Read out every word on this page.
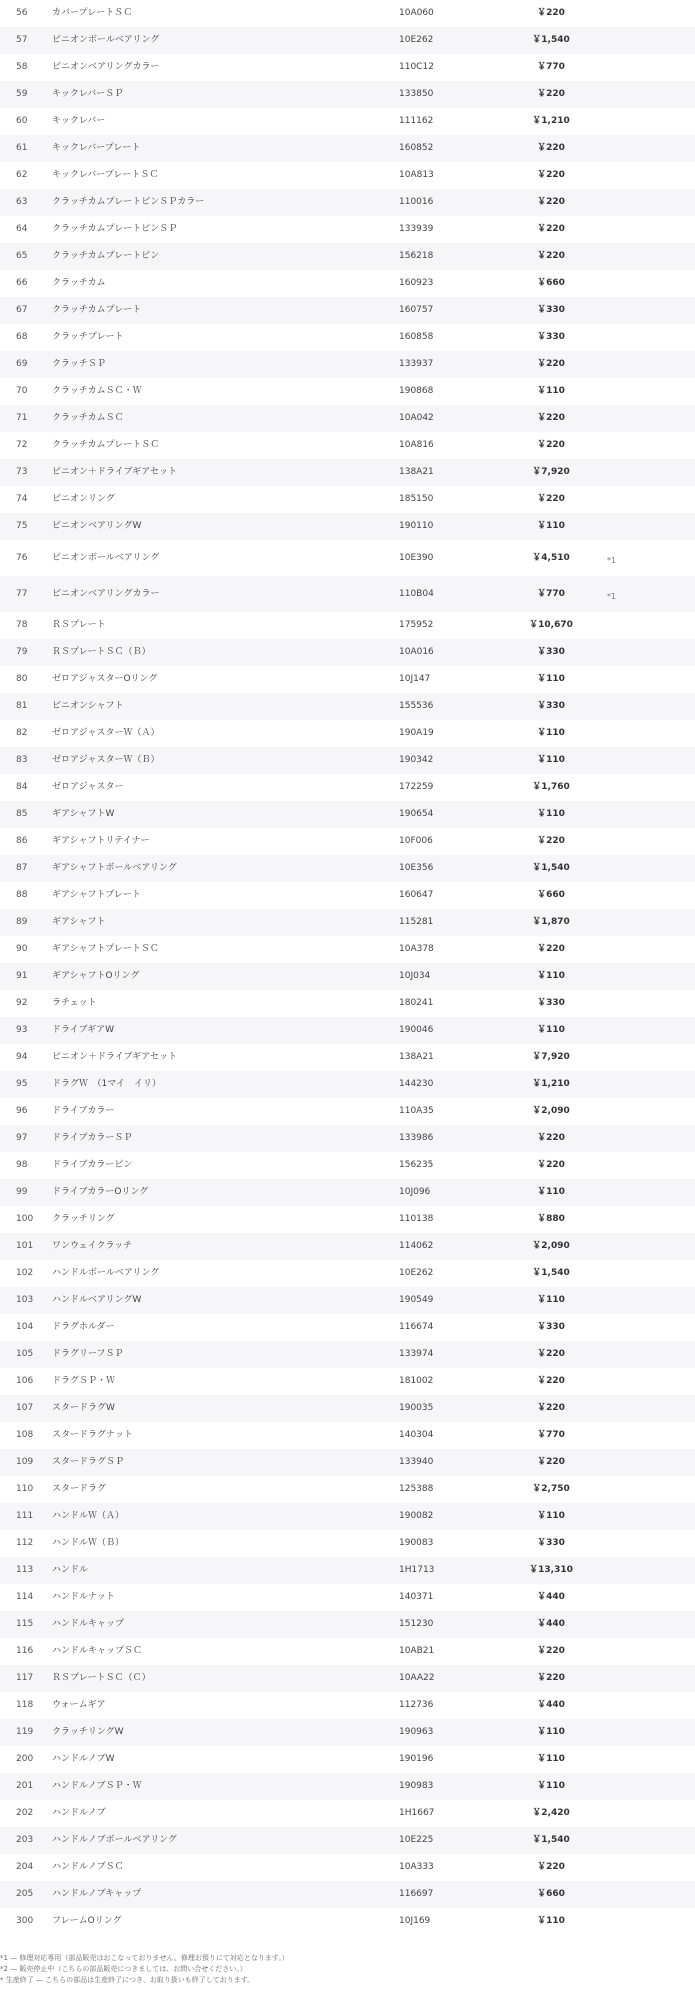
56	カバープレートＳＣ	10A060	￥220	
57	ピニオンボールベアリング	10E262	￥1,540	
58	ピニオンベアリングカラー	110C12	￥770	
59	キックレバーＳＰ	133850	￥220	
60	キックレバー	111162	￥1,210	
61	キックレバープレート	160852	￥220	
62	キックレバープレートＳＣ	10A813	￥220	
63	クラッチカムプレートピンＳＰカラー	110016	￥220	
64	クラッチカムプレートピンＳＰ	133939	￥220	
65	クラッチカムプレートピン	156218	￥220	
66	クラッチカム	160923	￥660	
67	クラッチカムプレート	160757	￥330	
68	クラッチプレート	160858	￥330	
69	クラッチＳＰ	133937	￥220	
70	クラッチカムＳＣ・Ｗ	190868	￥110	
71	クラッチカムＳＣ	10A042	￥220	
72	クラッチカムプレートＳＣ	10A816	￥220	
73	ピニオン＋ドライブギアセット	138A21	￥7,920	
74	ピニオンリング	185150	￥220	
75	ピニオンベアリングW	190110	￥110	
76	ピニオンボールベアリング	10E390	￥4,510	*1
77	ピニオンベアリングカラー	110B04	￥770	*1
78	ＲＳプレート	175952	￥10,670	
79	ＲＳプレートＳＣ（Ｂ）	10A016	￥330	
80	ゼロアジャスターOリング	10J147	￥110	
81	ピニオンシャフト	155536	￥330	
82	ゼロアジャスターＷ（Ａ）	190A19	￥110	
83	ゼロアジャスターＷ（Ｂ）	190342	￥110	
84	ゼロアジャスター	172259	￥1,760	
85	ギアシャフトW	190654	￥110	
86	ギアシャフトリテイナー	10F006	￥220	
87	ギアシャフトボールベアリング	10E356	￥1,540	
88	ギアシャフトプレート	160647	￥660	
89	ギアシャフト	115281	￥1,870	
90	ギアシャフトプレートＳＣ	10A378	￥220	
91	ギアシャフトOリング	10J034	￥110	
92	ラチェット	180241	￥330	
93	ドライブギアW	190046	￥110	
94	ピニオン＋ドライブギアセット	138A21	￥7,920	
95	ドラグＷ　（1マイ　イリ）	144230	￥1,210	
96	ドライブカラー	110A35	￥2,090	
97	ドライブカラーＳＰ	133986	￥220	
98	ドライブカラーピン	156235	￥220	
99	ドライブカラーOリング	10J096	￥110	
100	クラッチリング	110138	￥880	
101	ワンウェイクラッチ	114062	￥2,090	
102	ハンドルボールベアリング	10E262	￥1,540	
103	ハンドルベアリングW	190549	￥110	
104	ドラグホルダー	116674	￥330	
105	ドラグリーフＳＰ	133974	￥220	
106	ドラグＳＰ・Ｗ	181002	￥220	
107	スタードラグW	190035	￥220	
108	スタードラグナット	140304	￥770	
109	スタードラグＳＰ	133940	￥220	
110	スタードラグ	125388	￥2,750	
111	ハンドルＷ（Ａ）	190082	￥110	
112	ハンドルＷ（Ｂ）	190083	￥330	
113	ハンドル	1H1713	￥13,310	
114	ハンドルナット	140371	￥440	
115	ハンドルキャップ	151230	￥440	
116	ハンドルキャップＳＣ	10AB21	￥220	
117	ＲＳプレートＳＣ（Ｃ）	10AA22	￥220	
118	ウォームギア	112736	￥440	
119	クラッチリングW	190963	￥110	
200	ハンドルノブW	190196	￥110	
201	ハンドルノブＳＰ・Ｗ	190983	￥110	
202	ハンドルノブ	1H1667	￥2,420	
203	ハンドルノブボールベアリング	10E225	￥1,540	
204	ハンドルノブＳＣ	10A333	￥220	
205	ハンドルノブキャップ	116697	￥660	
300	フレームOリング	10J169	￥110	

*1 — 修理対応専用（部品販売はおこなっておりません。修理お預りにて対応となります。）

*2 — 販売停止中（こちらの部品販売につきましては、お問い合せください。）

* 生産終了 — こちらの部品は生産終了につき、お取り扱いも終了しております。
